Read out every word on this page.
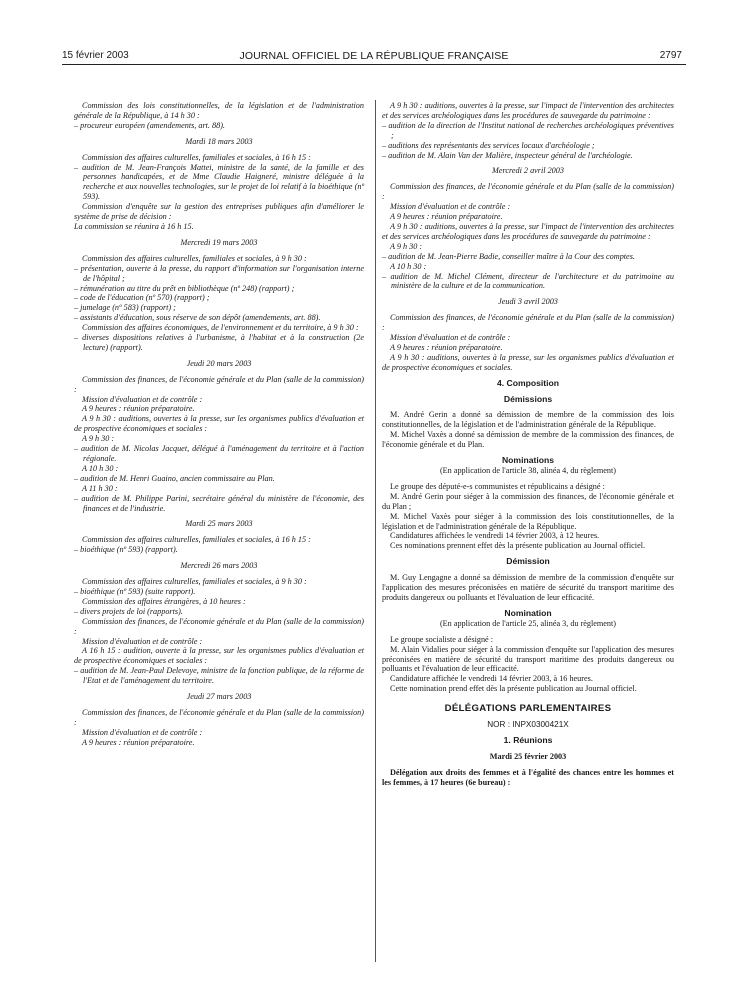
15 février 2003	JOURNAL OFFICIEL DE LA RÉPUBLIQUE FRANÇAISE	2797
Commission des lois constitutionnelles, de la législation et de l'administration générale de la République, à 14 h 30 :
– procureur européen (amendements, art. 88).
Mardi 18 mars 2003
Commission des affaires culturelles, familiales et sociales, à 16 h 15 :
– audition de M. Jean-François Mattei, ministre de la santé, de la famille et des personnes handicapées, et de Mme Claudie Haigneré, ministre déléguée à la recherche et aux nouvelles technologies, sur le projet de loi relatif à la bioéthique (nº 593).
Commission d'enquête sur la gestion des entreprises publiques afin d'améliorer le système de prise de décision :
La commission se réunira à 16 h 15.
Mercredi 19 mars 2003
Commission des affaires culturelles, familiales et sociales, à 9 h 30 :
– présentation, ouverte à la presse, du rapport d'information sur l'organisation interne de l'hôpital ;
– rémunération au titre du prêt en bibliothèque (nº 248) (rapport) ;
– code de l'éducation (nº 570) (rapport) ;
– jumelage (nº 583) (rapport) ;
– assistants d'éducation, sous réserve de son dépôt (amendements, art. 88).
Commission des affaires économiques, de l'environnement et du territoire, à 9 h 30 :
– diverses dispositions relatives à l'urbanisme, à l'habitat et à la construction (2e lecture) (rapport).
Jeudi 20 mars 2003
Commission des finances, de l'économie générale et du Plan (salle de la commission) :
Mission d'évaluation et de contrôle :
A 9 heures : réunion préparatoire.
A 9 h 30 : auditions, ouvertes à la presse, sur les organismes publics d'évaluation et de prospective économiques et sociales :
A 9 h 30 :
– audition de M. Nicolas Jacquet, délégué à l'aménagement du territoire et à l'action régionale.
A 10 h 30 :
– audition de M. Henri Guaino, ancien commissaire au Plan.
A 11 h 30 :
– audition de M. Philippe Parini, secrétaire général du ministère de l'économie, des finances et de l'industrie.
Mardi 25 mars 2003
Commission des affaires culturelles, familiales et sociales, à 16 h 15 :
– bioéthique (nº 593) (rapport).
Mercredi 26 mars 2003
Commission des affaires culturelles, familiales et sociales, à 9 h 30 :
– bioéthique (nº 593) (suite rapport).
Commission des affaires étrangères, à 10 heures :
– divers projets de loi (rapports).
Commission des finances, de l'économie générale et du Plan (salle de la commission) :
Mission d'évaluation et de contrôle :
A 16 h 15 : audition, ouverte à la presse, sur les organismes publics d'évaluation et de prospective économiques et sociales :
– audition de M. Jean-Paul Delevoye, ministre de la fonction publique, de la réforme de l'Etat et de l'aménagement du territoire.
Jeudi 27 mars 2003
Commission des finances, de l'économie générale et du Plan (salle de la commission) :
Mission d'évaluation et de contrôle :
A 9 heures : réunion préparatoire.
A 9 h 30 : auditions, ouvertes à la presse, sur l'impact de l'intervention des architectes et des services archéologiques dans les procédures de sauvegarde du patrimoine :
– audition de la direction de l'Institut national de recherches archéologiques préventives ;
– auditions des représentants des services locaux d'archéologie ;
– audition de M. Alain Van der Malière, inspecteur général de l'archéologie.
Mercredi 2 avril 2003
Commission des finances, de l'économie générale et du Plan (salle de la commission) :
Mission d'évaluation et de contrôle :
A 9 heures : réunion préparatoire.
A 9 h 30 : auditions, ouvertes à la presse, sur l'impact de l'intervention des architectes et des services archéologiques dans les procédures de sauvegarde du patrimoine :
A 9 h 30 :
– audition de M. Jean-Pierre Badie, conseiller maître à la Cour des comptes.
A 10 h 30 :
– audition de M. Michel Clément, directeur de l'architecture et du patrimoine au ministère de la culture et de la communication.
Jeudi 3 avril 2003
Commission des finances, de l'économie générale et du Plan (salle de la commission) :
Mission d'évaluation et de contrôle :
A 9 heures : réunion préparatoire.
A 9 h 30 : auditions, ouvertes à la presse, sur les organismes publics d'évaluation et de prospective économiques et sociales.
4. Composition
Démissions
M. André Gerin a donné sa démission de membre de la commission des lois constitutionnelles, de la législation et de l'administration générale de la République.
M. Michel Vaxès a donné sa démission de membre de la commission des finances, de l'économie générale et du Plan.
Nominations
(En application de l'article 38, alinéa 4, du règlement)
Le groupe des député-e-s communistes et républicains a désigné :
M. André Gerin pour siéger à la commission des finances, de l'économie générale et du Plan ;
M. Michel Vaxès pour siéger à la commission des lois constitutionnelles, de la législation et de l'administration générale de la République.
Candidatures affichées le vendredi 14 février 2003, à 12 heures.
Ces nominations prennent effet dès la présente publication au Journal officiel.
Démission
M. Guy Lengagne a donné sa démission de membre de la commission d'enquête sur l'application des mesures préconisées en matière de sécurité du transport maritime des produits dangereux ou polluants et l'évaluation de leur efficacité.
Nomination
(En application de l'article 25, alinéa 3, du règlement)
Le groupe socialiste a désigné :
M. Alain Vidalies pour siéger à la commission d'enquête sur l'application des mesures préconisées en matière de sécurité du transport maritime des produits dangereux ou polluants et l'évaluation de leur efficacité.
Candidature affichée le vendredi 14 février 2003, à 16 heures.
Cette nomination prend effet dès la présente publication au Journal officiel.
DÉLÉGATIONS PARLEMENTAIRES
NOR : INPX0300421X
1. Réunions
Mardi 25 février 2003
Délégation aux droits des femmes et à l'égalité des chances entre les hommes et les femmes, à 17 heures (6e bureau) :
